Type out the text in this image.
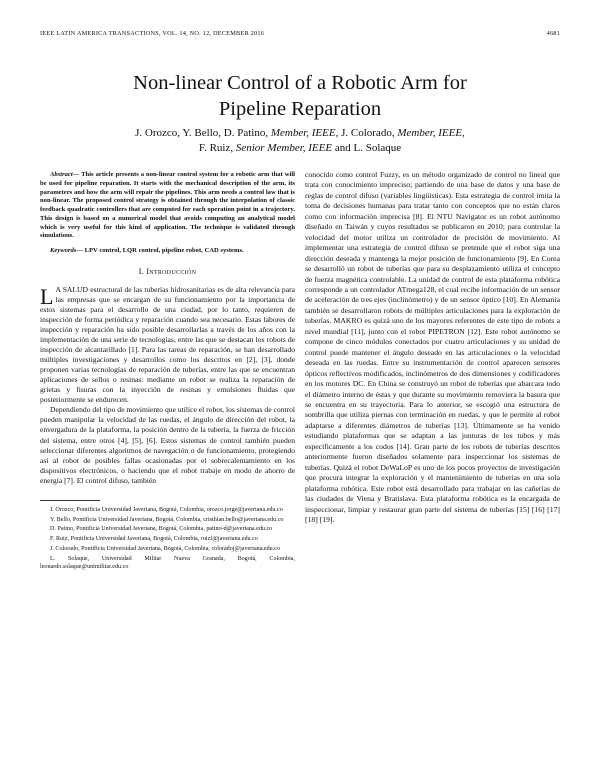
IEEE LATIN AMERICA TRANSACTIONS, VOL. 14, NO. 12, DECEMBER 2016	4681
Non-linear Control of a Robotic Arm for
Pipeline Reparation
J. Orozco, Y. Bello, D. Patino, Member, IEEE, J. Colorado, Member, IEEE,
F. Ruiz, Senior Member, IEEE and L. Solaque

Abstract— This article presents a non-linear control system for a robotic arm that will be used for pipeline reparation. It starts with the mechanical description of the arm, its parameters and how the arm will repair the pipelines. This arm needs a control law that is non-linear. The proposed control strategy is obtained through the interpolation of classic feedback quadratic controllers that are computed for each operation point in a trajectory. This design is based on a numerical model that avoids computing an analytical model which is very useful for this kind of application. The technique is validated through simulations.

Keywords— LPV control, LQR control, pipeline robot, CAD systems.

I. Introducción

L A SALUD estructural de las tuberías hidrosanitarias es de alta relevancia para las empresas que se encargan de su funcionamiento por la importancia de estos sistemas para el desarrollo de una ciudad, por lo tanto, requieren de inspección de forma periódica y reparación cuando sea necesario. Estas labores de inspección y reparación ha sido posible desarrollarlas a través de los años con la implementación de una serie de tecnologías, entre las que se destacan los robots de inspección de alcantarillado [1]. Para las tareas de reparación, se han desarrollado múltiples investigaciones y desarrollos como los descritos en [2], [3], donde proponen varias tecnologías de reparación de tuberías, entre las que se encuentran aplicaciones de sellos o resinas: mediante un robot se realiza la reparación de grietas y fisuras con la inyección de resinas y emulsiones fluidas que posteriormente se endurecen.

Dependiendo del tipo de movimiento que utilice el robot, los sistemas de control pueden manipular la velocidad de las ruedas, el ángulo de dirección del robot, la envergadura de la plataforma, la posición dentro de la tubería, la fuerza de fricción del sistema, entre otros [4], [5], [6]. Estos sistemas de control también pueden seleccionar diferentes algoritmos de navegación o de funcionamiento, protegiendo así al robot de posibles fallas ocasionadas por el sobrecalentamiento en los dispositivos electrónicos, o haciendo que el robot trabaje en modo de ahorro de energía [7]. El control difuso, también

J. Orozco, Pontificia Universidad Javeriana, Bogotá, Colombia, orozco.jorge@javeriana.edu.co

Y. Bello, Pontificia Universidad Javeriana, Bogotá, Colombia, cristhian.bello@javeriana.edu.co

D. Patino, Pontificia Universidad Javeriana, Bogotá, Colombia, patino-d@javeriana.edu.co

F. Ruiz, Pontificia Universidad Javeriana, Bogotá, Colombia, ruizf@javeriana.edu.co

J. Colorado, Pontificia Universidad Javeriana, Bogotá, Colombia, coloradoj@javeriana.edu.co

L. Solaque, Universidad Militar Nueva Granada, Bogotá, Colombia, leonardo.solaque@unimilitar.edu.co

conocido como control Fuzzy, es un método organizado de control no lineal que trata con conocimiento impreciso; partiendo de una base de datos y una base de reglas de control difuso (variables lingüísticas). Esta estrategia de control imita la toma de decisiones humanas para tratar tanto con conceptos que no están claros como con información imprecisa [8]. El NTU Navigator es un robot autónomo diseñado en Taiwán y cuyos resultados se publicaron en 2010; para controlar la velocidad del motor utiliza un controlador de precisión de movimiento. Al implementar una estrategia de control difuso se pretende que el robot siga una dirección deseada y mantenga la mejor posición de funcionamiento [9]. En Corea se desarrolló un robot de tuberías que para su desplazamiento utiliza el concepto de fuerza magnética controlable. La unidad de control de esta plataforma robótica corresponde a un controlador ATmega128, el cual recibe información de un sensor de aceleración de tres ejes (inclinómetro) y de un sensor óptico [10]. En Alemania también se desarrollaron robots de múltiples articulaciones para la exploración de tuberías. MAKRO es quizá uno de los mayores referentes de este tipo de robots a nivel mundial [11], junto con el robot PIPETRON [12]. Este robot autónomo se compone de cinco módulos conectados por cuatro articulaciones y su unidad de control puede mantener el ángulo deseado en las articulaciones o la velocidad deseada en las ruedas. Entre su instrumentación de control aparecen sensores ópticos reflectivos modificados, inclinómetros de dos dimensiones y codificadores en los motores DC. En China se construyó un robot de tuberías que abarcara todo el diámetro interno de éstas y que durante su movimiento removiera la basura que se encuentra en su trayectoria. Para lo anterior, se escogió una estructura de sombrilla que utiliza piernas con terminación en ruedas, y que le permite al robot adaptarse a diferentes diámetros de tuberías [13]. Últimamente se ha venido estudiando plataformas que se adaptan a las junturas de los tubos y más específicamente a los codos [14]. Gran parte de los robots de tuberías descritos anteriormente fueron diseñados solamente para inspeccionar los sistemas de tuberías. Quizá el robot DeWaLoP es uno de los pocos proyectos de investigación que procura integrar la exploración y el mantenimiento de tuberías en una sola plataforma robótica. Este robot está desarrollado para trabajar en las cañerías de las ciudades de Viena y Bratislava. Esta plataforma robótica es la encargada de inspeccionar, limpiar y restaurar gran parte del sistema de tuberías [15] [16] [17] [18] [19].
